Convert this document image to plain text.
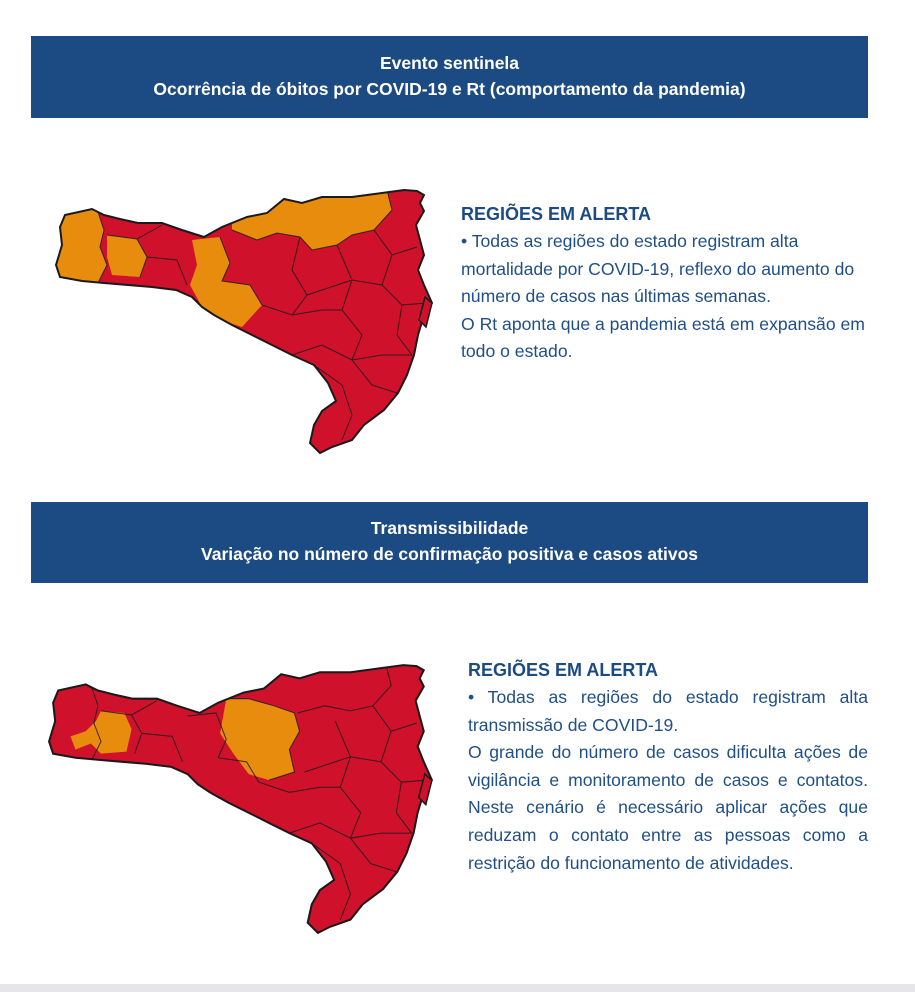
Evento sentinela
Ocorrência de óbitos por COVID-19 e Rt (comportamento da pandemia)
REGIÕES EM ALERTA

• Todas as regiões do estado registram alta mortalidade por COVID-19, reflexo do aumento do número de casos nas últimas semanas.

O Rt aponta que a pandemia está em expansão em todo o estado.

Transmissibilidade
Variação no número de confirmação positiva e casos ativos
REGIÕES EM ALERTA

• Todas as regiões do estado registram alta transmissão de COVID-19.

O grande do número de casos dificulta ações de vigilância e monitoramento de casos e contatos. Neste cenário é necessário aplicar ações que reduzam o contato entre as pessoas como a restrição do funcionamento de atividades.
